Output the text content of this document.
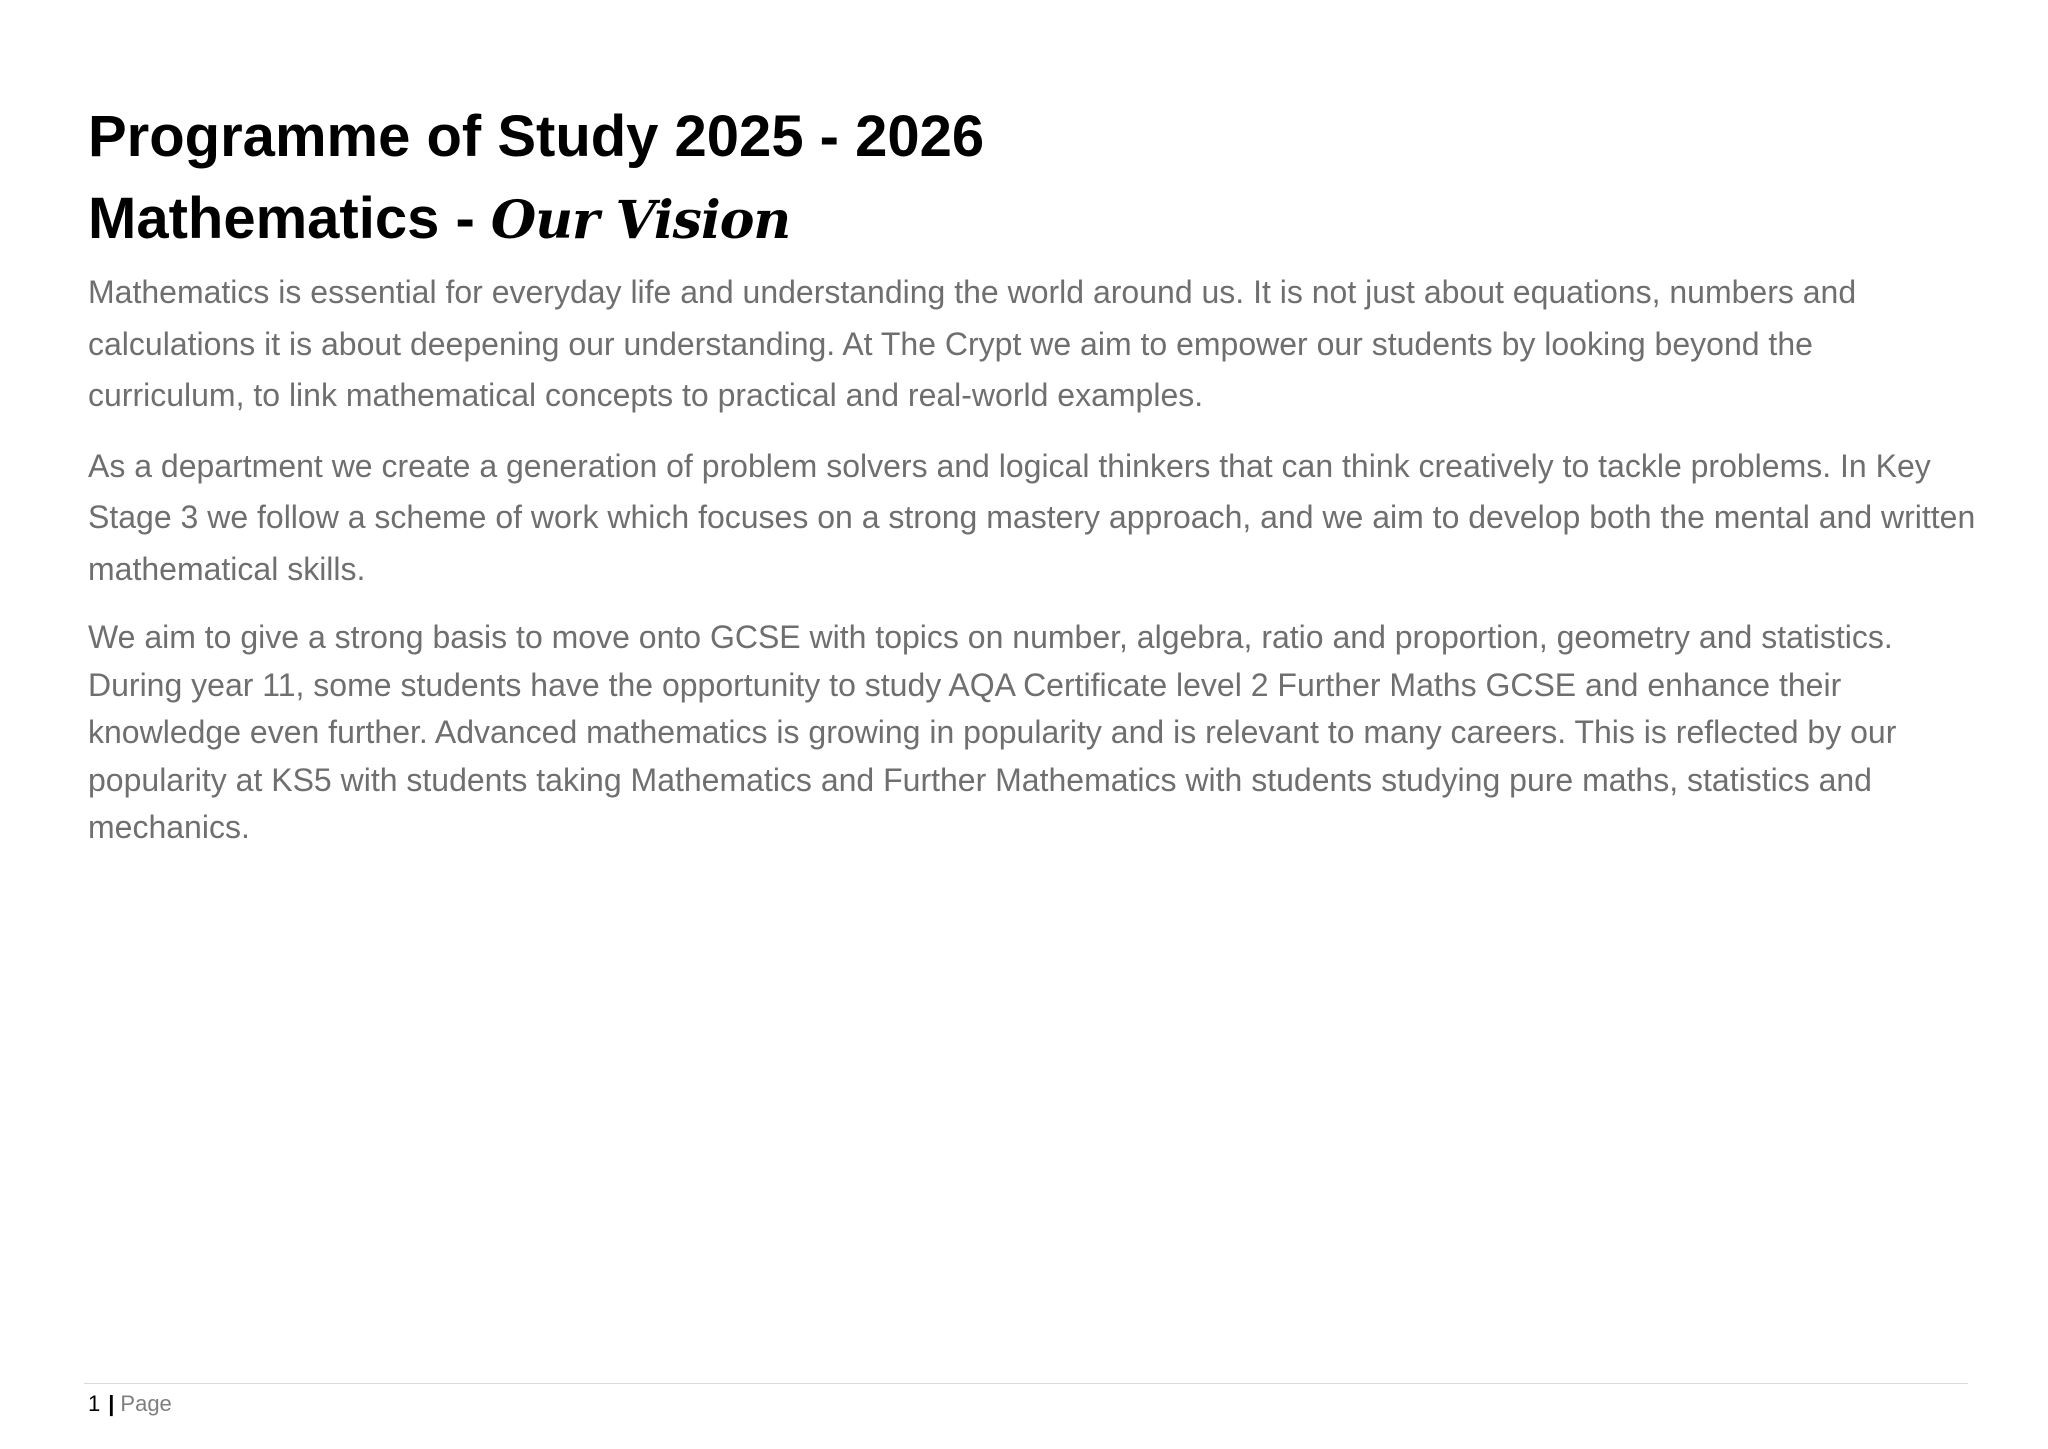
Programme of Study 2025 - 2026
Mathematics - Our Vision

Mathematics is essential for everyday life and understanding the world around us. It is not just about equations, numbers and calculations it is about deepening our understanding. At The Crypt we aim to empower our students by looking beyond the curriculum, to link mathematical concepts to practical and real-world examples.

As a department we create a generation of problem solvers and logical thinkers that can think creatively to tackle problems. In Key Stage 3 we follow a scheme of work which focuses on a strong mastery approach, and we aim to develop both the mental and written mathematical skills.

We aim to give a strong basis to move onto GCSE with topics on number, algebra, ratio and proportion, geometry and statistics. During year 11, some students have the opportunity to study AQA Certificate level 2 Further Maths GCSE and enhance their knowledge even further. Advanced mathematics is growing in popularity and is relevant to many careers. This is reflected by our popularity at KS5 with students taking Mathematics and Further Mathematics with students studying pure maths, statistics and mechanics.

1 | Page
